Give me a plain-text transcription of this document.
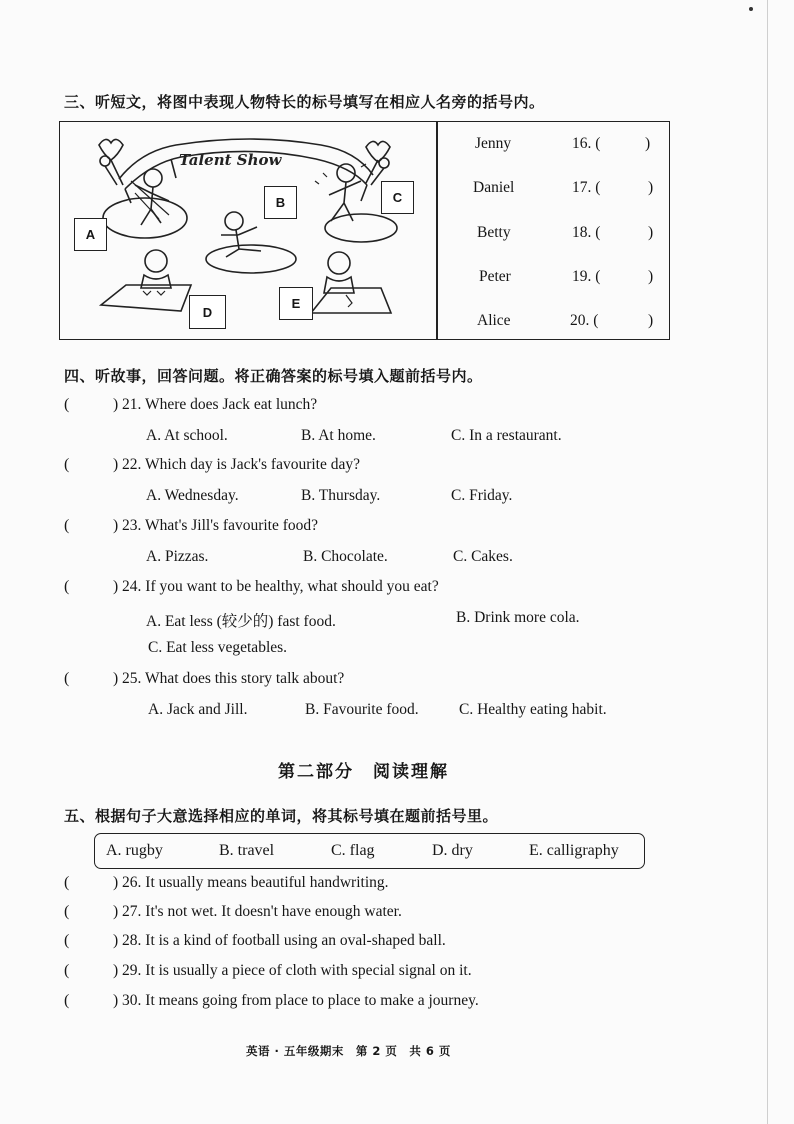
三、听短文，将图中表现人物特长的标号填写在相应人名旁的括号内。
Talent Show
A
B	C
D
E
Jenny	16. (	)
Daniel	17. (	)
Betty	18. (	)
Peter	19. (	)
Alice	20. (	)
四、听故事，回答问题。将正确答案的标号填入题前括号内。
(	) 21. Where does Jack eat lunch?
A. At school.	B. At home.	C. In a restaurant.
(	) 22. Which day is Jack's favourite day?
A. Wednesday.	B. Thursday.	C. Friday.
(	) 23. What's Jill's favourite food?
A. Pizzas.	B. Chocolate.	C. Cakes.
(	) 24. If you want to be healthy, what should you eat?
A. Eat less (较少的) fast food.	B. Drink more cola.
C. Eat less vegetables.
(	) 25. What does this story talk about?
A. Jack and Jill.	B. Favourite food.	C. Healthy eating habit.
第二部分　阅读理解
五、根据句子大意选择相应的单词，将其标号填在题前括号里。
A. rugby	B. travel	C. flag	D. dry	E. calligraphy
(	) 26. It usually means beautiful handwriting.
(	) 27. It's not wet. It doesn't have enough water.
(	) 28. It is a kind of football using an oval-shaped ball.
(	) 29. It is usually a piece of cloth with special signal on it.
(	) 30. It means going from place to place to make a journey.
英语 · 五年级期末　第 2 页　共 6 页
